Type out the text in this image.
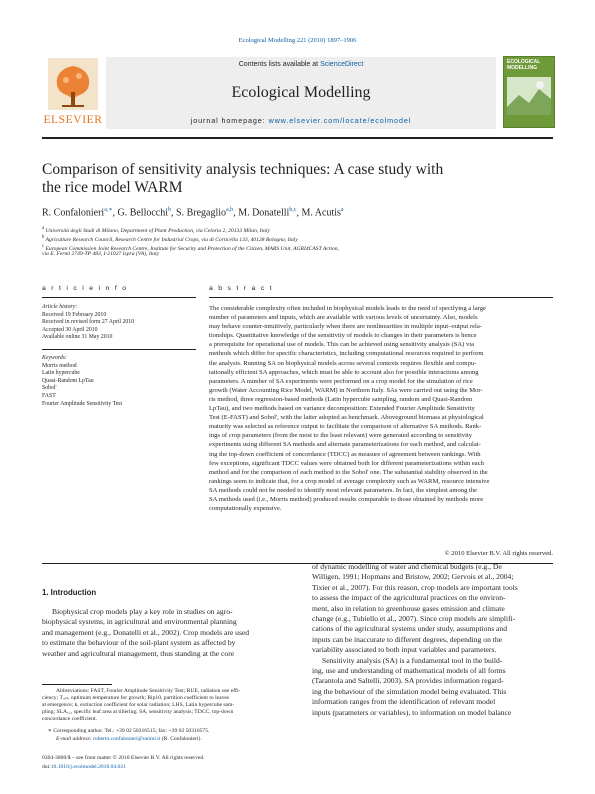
Ecological Modelling 221 (2010) 1897–1906
ELSEVIER
Contents lists available at ScienceDirect
Ecological Modelling
journal homepage: www.elsevier.com/locate/ecolmodel
ECOLOGICAL MODELLING
Comparison of sensitivity analysis techniques: A case study with the rice model WARM
R. Confalonieri$^{a,∗}$, G. Bellocchi$^b$, S. Bregaglio$^{a,b}$, M. Donatelli$^{b,c}$, M. Acutis$^a$
$^a$ Università degli Studi di Milano, Department of Plant Production, via Celoria 2, 20133 Milan, Italy
$^b$ Agriculture Research Council, Research Centre for Industrial Crops, via di Corticella 133, 40128 Bologna, Italy
$^c$ European Commission Joint Research Centre, Institute for Security and Protection of the Citizen, MARS Unit, AGRI4CAST Action,
via E. Fermi 2749-TP 483, I-21027 Ispra (VA), Italy
a r t i c l e i n f o
Article history:
Received 19 February 2010
Received in revised form 27 April 2010
Accepted 30 April 2010
Available online 31 May 2010
Keywords:
Morris method
Latin hypercube
Quasi-Random LpTau
Sobol'
FAST
Fourier Amplitude Sensitivity Test
a b s t r a c t
The considerable complexity often included in biophysical models leads to the need of specifying a large
number of parameters and inputs, which are available with various levels of uncertainty. Also, models
may behave counter-intuitively, particularly when there are nonlinearities in multiple input–output rela-
tionships. Quantitative knowledge of the sensitivity of models to changes in their parameters is hence
a prerequisite for operational use of models. This can be achieved using sensitivity analysis (SA) via
methods which differ for specific characteristics, including computational resources required to perform
the analysis. Running SA on biophysical models across several contexts requires flexible and compu-
tationally efficient SA approaches, which must be able to account also for possible interactions among
parameters. A number of SA experiments were performed on a crop model for the simulation of rice
growth (Water Accounting Rice Model, WARM) in Northern Italy. SAs were carried out using the Mor-
ris method, three regression-based methods (Latin hypercube sampling, random and Quasi-Random
LpTau), and two methods based on variance decomposition: Extended Fourier Amplitude Sensitivity
Test (E-FAST) and Sobol', with the latter adopted as benchmark. Aboveground biomass at physiological
maturity was selected as reference output to facilitate the comparison of alternative SA methods. Rank-
ings of crop parameters (from the most to the least relevant) were generated according to sensitivity
experiments using different SA methods and alternate parameterizations for each method, and calculat-
ing the top-down coefficient of concordance (TDCC) as measure of agreement between rankings. With
few exceptions, significant TDCC values were obtained both for different parameterizations within each
method and for the comparison of each method to the Sobol' one. The substantial stability observed in the
rankings seem to indicate that, for a crop model of average complexity such as WARM, resource intensive
SA methods could not be needed to identify most relevant parameters. In fact, the simplest among the
SA methods used (i.e., Morris method) produced results comparable to those obtained by methods more
computationally expensive.
© 2010 Elsevier B.V. All rights reserved.
1. Introduction
Biophysical crop models play a key role in studies on agro-
biophysical systems, in agricultural and environmental planning
and management (e.g., Donatelli et al., 2002). Crop models are used
to estimate the behaviour of the soil-plant system as affected by
weather and agricultural management, thus standing at the core
of dynamic modelling of water and chemical budgets (e.g., De
Willigen, 1991; Hopmans and Bristow, 2002; Gervois et al., 2004;
Tixier et al., 2007). For this reason, crop models are important tools
to assess the impact of the agricultural practices on the environ-
ment, also in relation to greenhouse gases emission and climate
change (e.g., Tubiello et al., 2007). Since crop models are simplifi-
cations of the agricultural systems under study, assumptions and
inputs can be inaccurate to different degrees, depending on the
variability associated to both input variables and parameters.
Sensitivity analysis (SA) is a fundamental tool in the build-
ing, use and understanding of mathematical models of all forms
(Tarantola and Saltelli, 2003). SA provides information regard-
ing the behaviour of the simulation model being evaluated. This
information ranges from the identification of relevant model
inputs (parameters or variables), to information on model balance
Abbreviations: FAST, Fourier Amplitude Sensitivity Test; RUE, radiation use effi-
ciency; Tₒₚₜ, optimum temperature for growth; Rip10, partition coefficient to leaves
at emergence; k, extinction coefficient for solar radiation; LHS, Latin hypercube sam-
pling; SLA₁₁, specific leaf area at tillering; SA, sensitivity analysis; TDCC, top-down
concordance coefficient.
∗ Corresponding author. Tel.: +39 02 50316515; fax: +39 02 50316575.
E-mail address: roberto.confalonieri@unimi.it (R. Confalonieri).
0304-3800/$ – see front matter © 2010 Elsevier B.V. All rights reserved.
doi:10.1016/j.ecolmodel.2010.04.021
